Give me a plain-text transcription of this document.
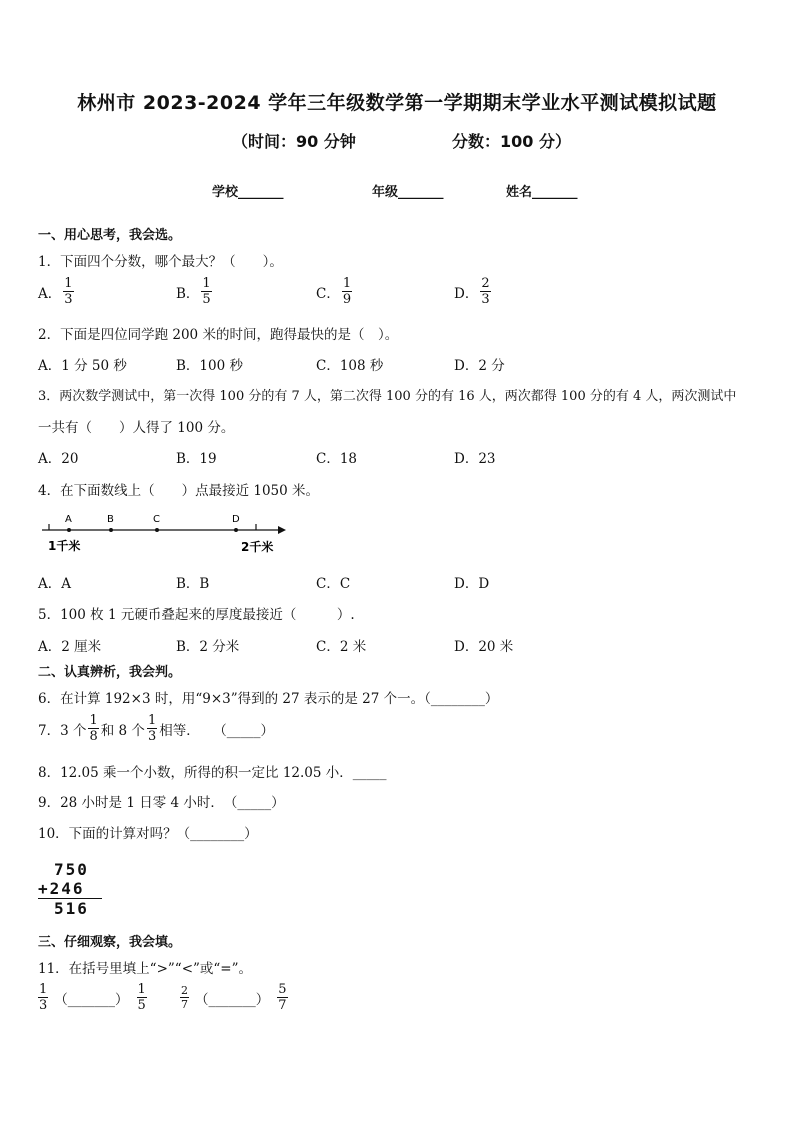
林州市 2023-2024 学年三年级数学第一学期期末学业水平测试模拟试题
（时间：90 分钟	分数：100 分）
学校_______	年级_______	姓名_______
一、用心思考，我会选。
1．下面四个分数，哪个最大？（　　）。
A． $\frac{1}{3}$	B． $\frac{1}{5}$	C． $\frac{1}{9}$	D． $\frac{2}{3}$
2．下面是四位同学跑 200 米的时间，跑得最快的是（　）。
A．1 分 50 秒	B．100 秒	C．108 秒	D．2 分
3．两次数学测试中，第一次得 100 分的有 7 人，第二次得 100 分的有 16 人，两次都得 100 分的有 4 人，两次测试中
一共有（　　）人得了 100 分。
A．20	B．19	C．18	D．23
4．在下面数线上（　　）点最接近 1050 米。
A	B	C	D
1千米	2千米
A．A	B．B	C．C	D．D
5．100 枚 1 元硬币叠起来的厚度最接近（　　　）.
A．2 厘米	B．2 分米	C．2 米	D．20 米
二、认真辨析，我会判。
6．在计算 192×3 时，用“9×3”得到的 27 表示的是 27 个一。（________）
7．3 个 $\frac{1}{8}$ 和 8 个 $\frac{1}{3}$ 相等．　　（_____）
8．12.05 乘一个小数，所得的积一定比 12.05 小．_____
9．28 小时是 1 日零 4 小时．　（_____）
10．下面的计算对吗？（________）
750
+246
516
三、仔细观察，我会填。
11．在括号里填上“>”“<”或“=”。
$\frac{1}{3}$ （_______） $\frac{1}{5}$	$\frac{2}{7}$ （_______） $\frac{5}{7}$
